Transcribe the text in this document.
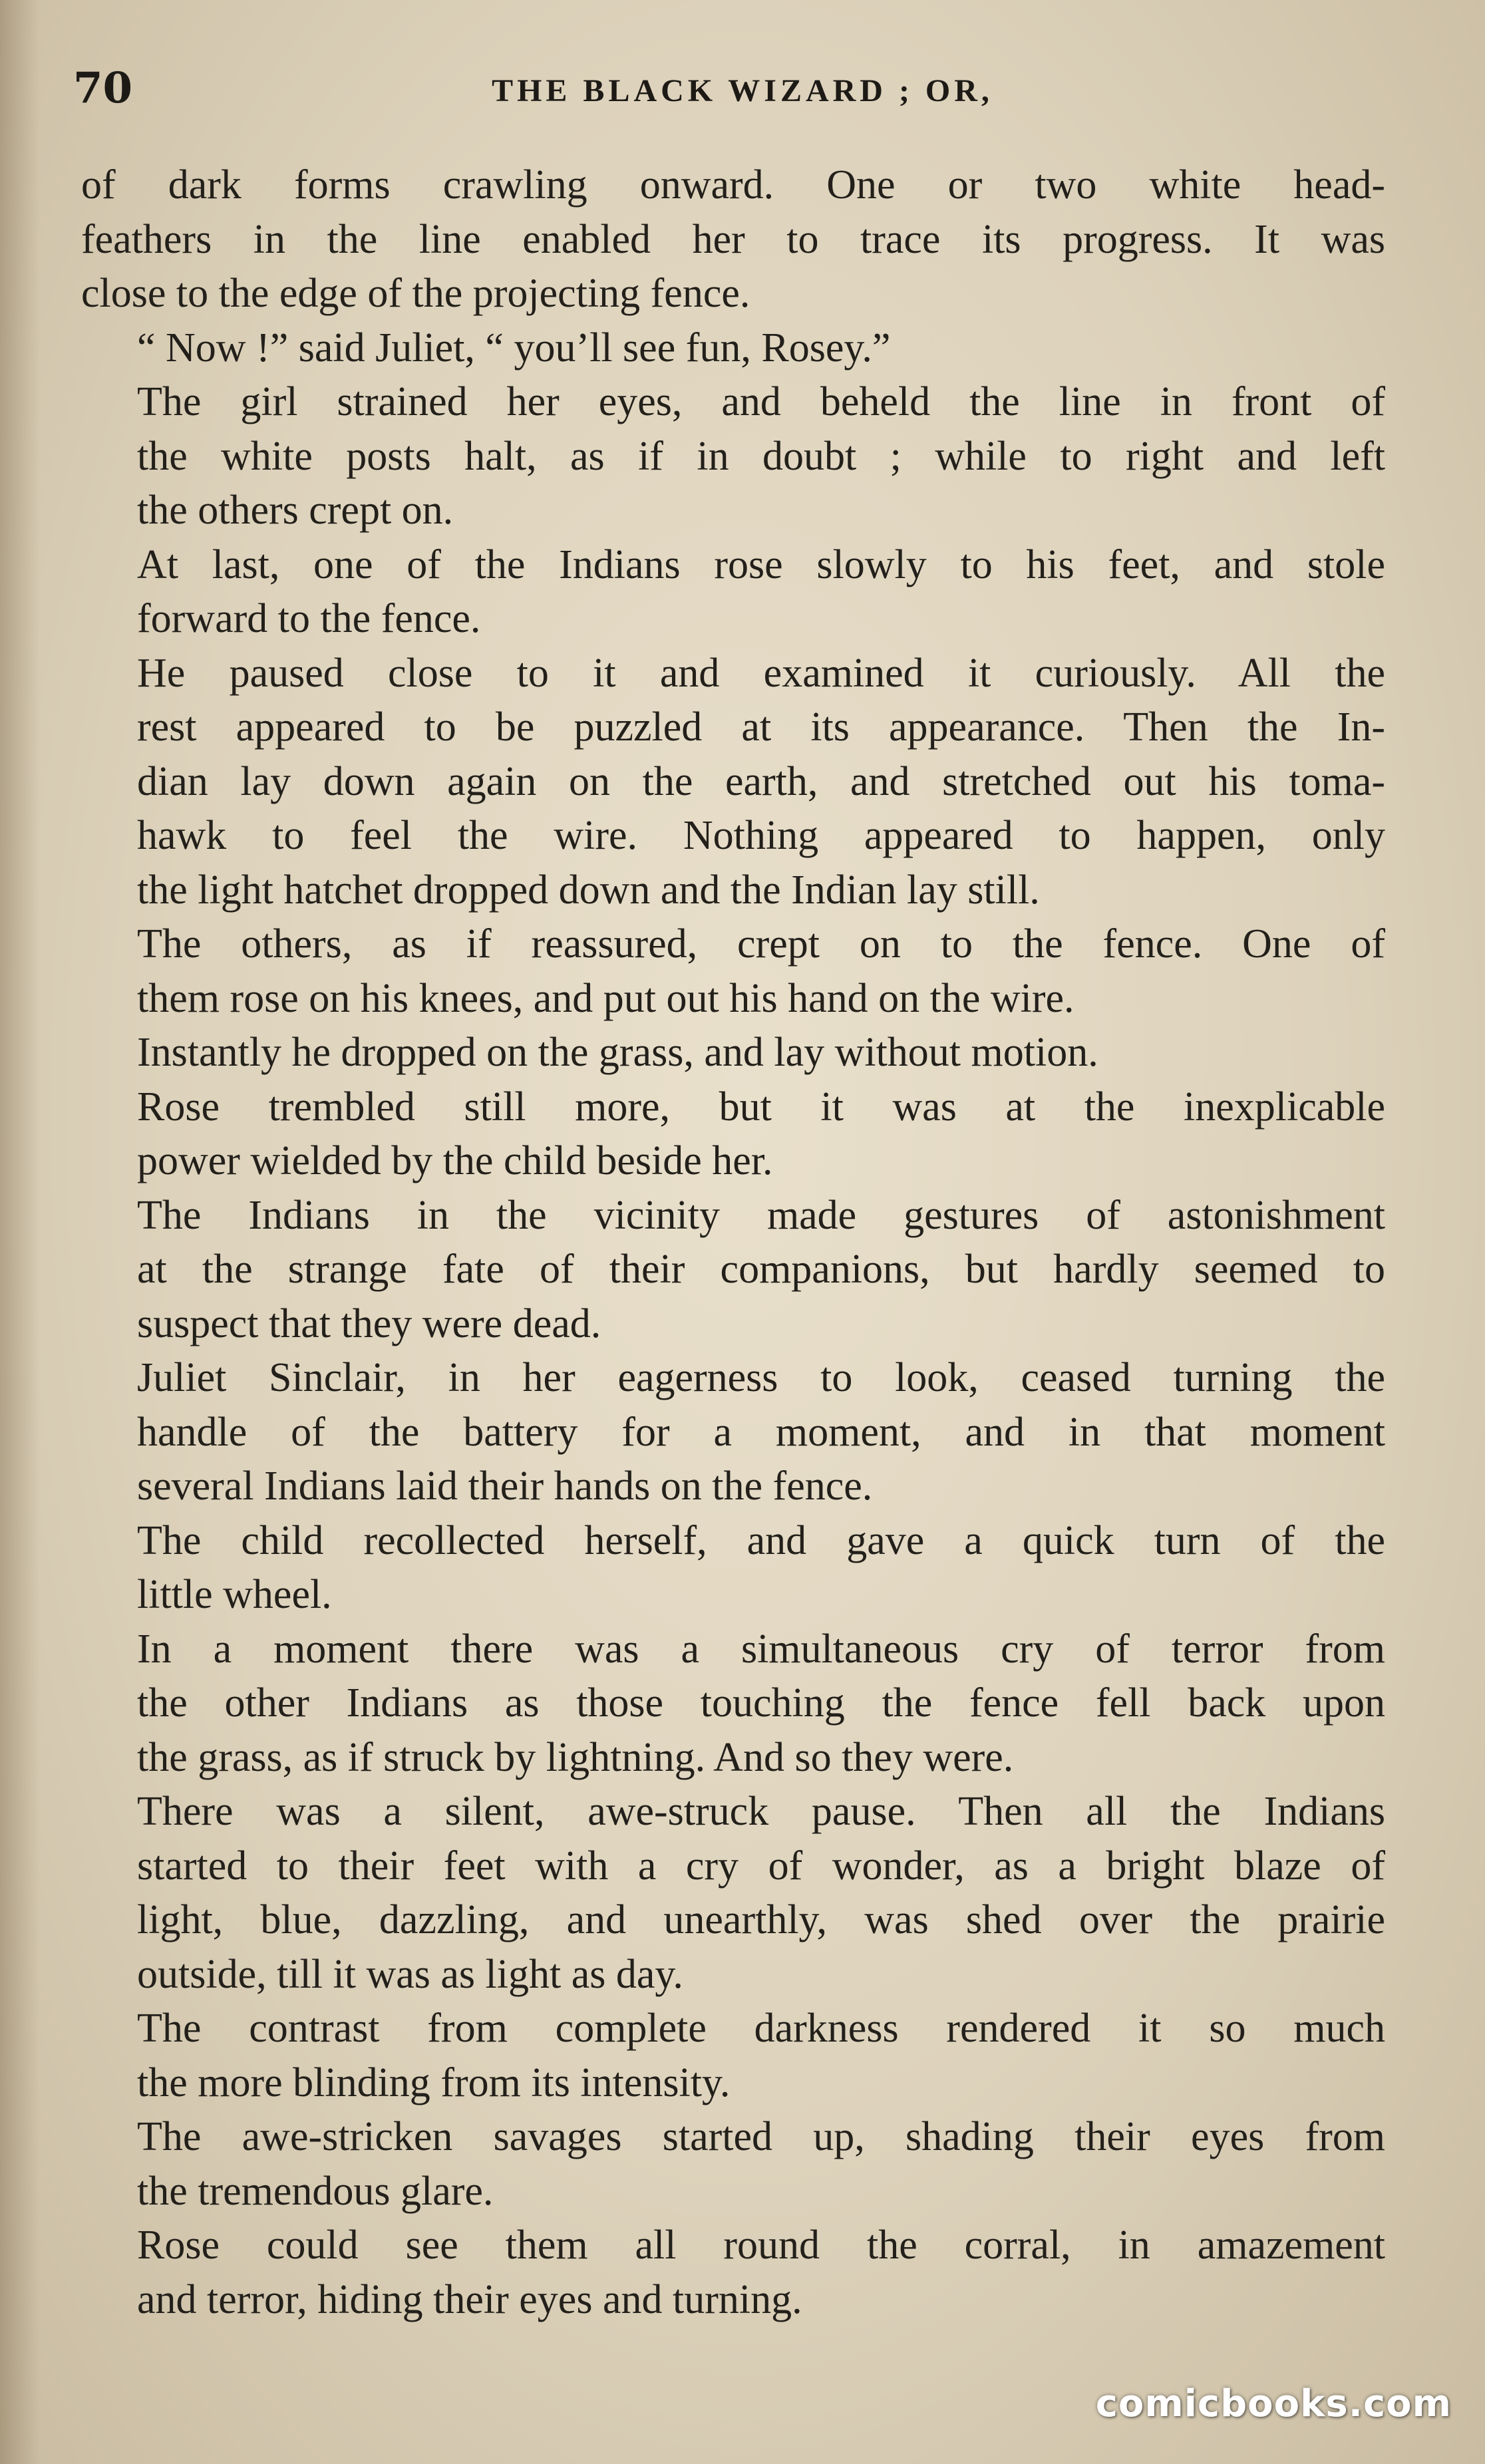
70	THE BLACK WIZARD ; OR,
of dark forms crawling onward. One or two white head-
feathers in the line enabled her to trace its progress. It was
close to the edge of the projecting fence.
“ Now !” said Juliet, “ you’ll see fun, Rosey.”
The girl strained her eyes, and beheld the line in front of
the white posts halt, as if in doubt ; while to right and left
the others crept on.
At last, one of the Indians rose slowly to his feet, and stole
forward to the fence.
He paused close to it and examined it curiously. All the
rest appeared to be puzzled at its appearance. Then the In-
dian lay down again on the earth, and stretched out his toma-
hawk to feel the wire. Nothing appeared to happen, only
the light hatchet dropped down and the Indian lay still.
The others, as if reassured, crept on to the fence. One of
them rose on his knees, and put out his hand on the wire.
Instantly he dropped on the grass, and lay without motion.
Rose trembled still more, but it was at the inexplicable
power wielded by the child beside her.
The Indians in the vicinity made gestures of astonishment
at the strange fate of their companions, but hardly seemed to
suspect that they were dead.
Juliet Sinclair, in her eagerness to look, ceased turning the
handle of the battery for a moment, and in that moment
several Indians laid their hands on the fence.
The child recollected herself, and gave a quick turn of the
little wheel.
In a moment there was a simultaneous cry of terror from
the other Indians as those touching the fence fell back upon
the grass, as if struck by lightning. And so they were.
There was a silent, awe-struck pause. Then all the Indians
started to their feet with a cry of wonder, as a bright blaze of
light, blue, dazzling, and unearthly, was shed over the prairie
outside, till it was as light as day.
The contrast from complete darkness rendered it so much
the more blinding from its intensity.
The awe-stricken savages started up, shading their eyes from
the tremendous glare.
Rose could see them all round the corral, in amazement
and terror, hiding their eyes and turning.
comicbooks.com
